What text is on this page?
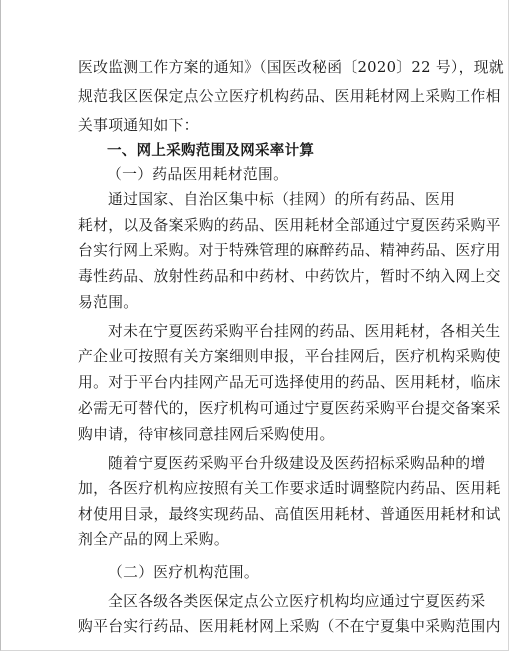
医改监测工作方案的通知》（国医改秘函〔2020〕22 号），现就
规范我区医保定点公立医疗机构药品、医用耗材网上采购工作相
关事项通知如下：
一、网上采购范围及网采率计算
（一）药品医用耗材范围。
通过国家、自治区集中标（挂网）的所有药品、医用
耗材，以及备案采购的药品、医用耗材全部通过宁夏医药采购平
台实行网上采购。对于特殊管理的麻醉药品、精神药品、医疗用
毒性药品、放射性药品和中药材、中药饮片，暂时不纳入网上交
易范围。
对未在宁夏医药采购平台挂网的药品、医用耗材，各相关生
产企业可按照有关方案细则申报，平台挂网后，医疗机构采购使
用。对于平台内挂网产品无可选择使用的药品、医用耗材，临床
必需无可替代的，医疗机构可通过宁夏医药采购平台提交备案采
购申请，待审核同意挂网后采购使用。
随着宁夏医药采购平台升级建设及医药招标采购品种的增
加，各医疗机构应按照有关工作要求适时调整院内药品、医用耗
材使用目录，最终实现药品、高值医用耗材、普通医用耗材和试
剂全产品的网上采购。
（二）医疗机构范围。
全区各级各类医保定点公立医疗机构均应通过宁夏医药采
购平台实行药品、医用耗材网上采购（不在宁夏集中采购范围内
